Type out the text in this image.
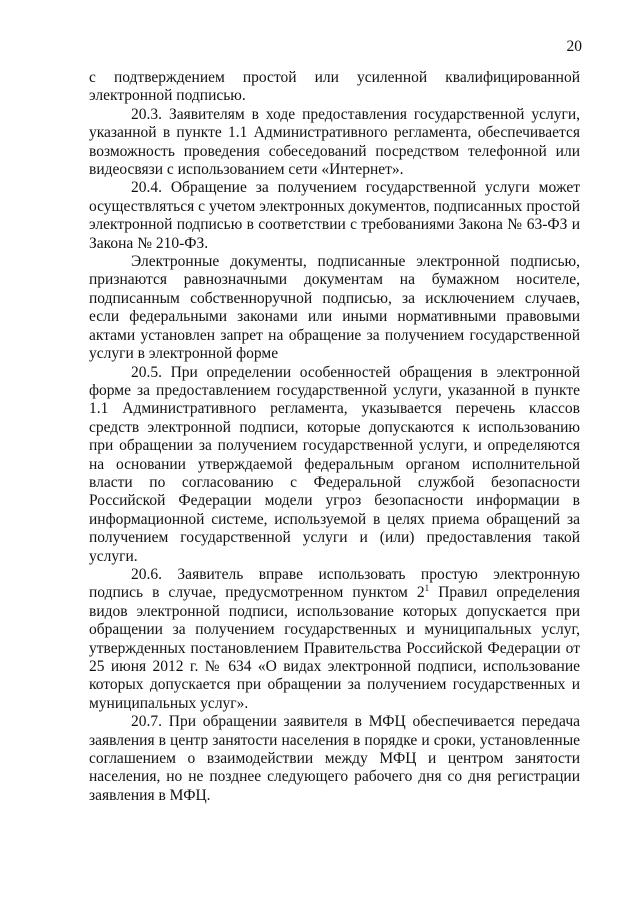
20

с подтверждением простой или усиленной квалифицированной электронной подписью.

20.3. Заявителям в ходе предоставления государственной услуги, указанной в пункте 1.1 Административного регламента, обеспечивается возможность проведения собеседований посредством телефонной или видеосвязи с использованием сети «Интернет».

20.4. Обращение за получением государственной услуги может осуществляться с учетом электронных документов, подписанных простой электронной подписью в соответствии с требованиями Закона № 63-ФЗ и Закона № 210-ФЗ.

Электронные документы, подписанные электронной подписью, признаются равнозначными документам на бумажном носителе, подписанным собственноручной подписью, за исключением случаев, если федеральными законами или иными нормативными правовыми актами установлен запрет на обращение за получением государственной услуги в электронной форме

20.5. При определении особенностей обращения в электронной форме за предоставлением государственной услуги, указанной в пункте 1.1 Административного регламента, указывается перечень классов средств электронной подписи, которые допускаются к использованию при обращении за получением государственной услуги, и определяются на основании утверждаемой федеральным органом исполнительной власти по согласованию с Федеральной службой безопасности Российской Федерации модели угроз безопасности информации в информационной системе, используемой в целях приема обращений за получением государственной услуги и (или) предоставления такой услуги.

20.6. Заявитель вправе использовать простую электронную подпись в случае, предусмотренном пунктом $2^1$ Правил определения видов электронной подписи, использование которых допускается при обращении за получением государственных и муниципальных услуг, утвержденных постановлением Правительства Российской Федерации от 25 июня 2012 г. № 634 «О видах электронной подписи, использование которых допускается при обращении за получением государственных и муниципальных услуг».

20.7. При обращении заявителя в МФЦ обеспечивается передача заявления в центр занятости населения в порядке и сроки, установленные соглашением о взаимодействии между МФЦ и центром занятости населения, но не позднее следующего рабочего дня со дня регистрации заявления в МФЦ.
